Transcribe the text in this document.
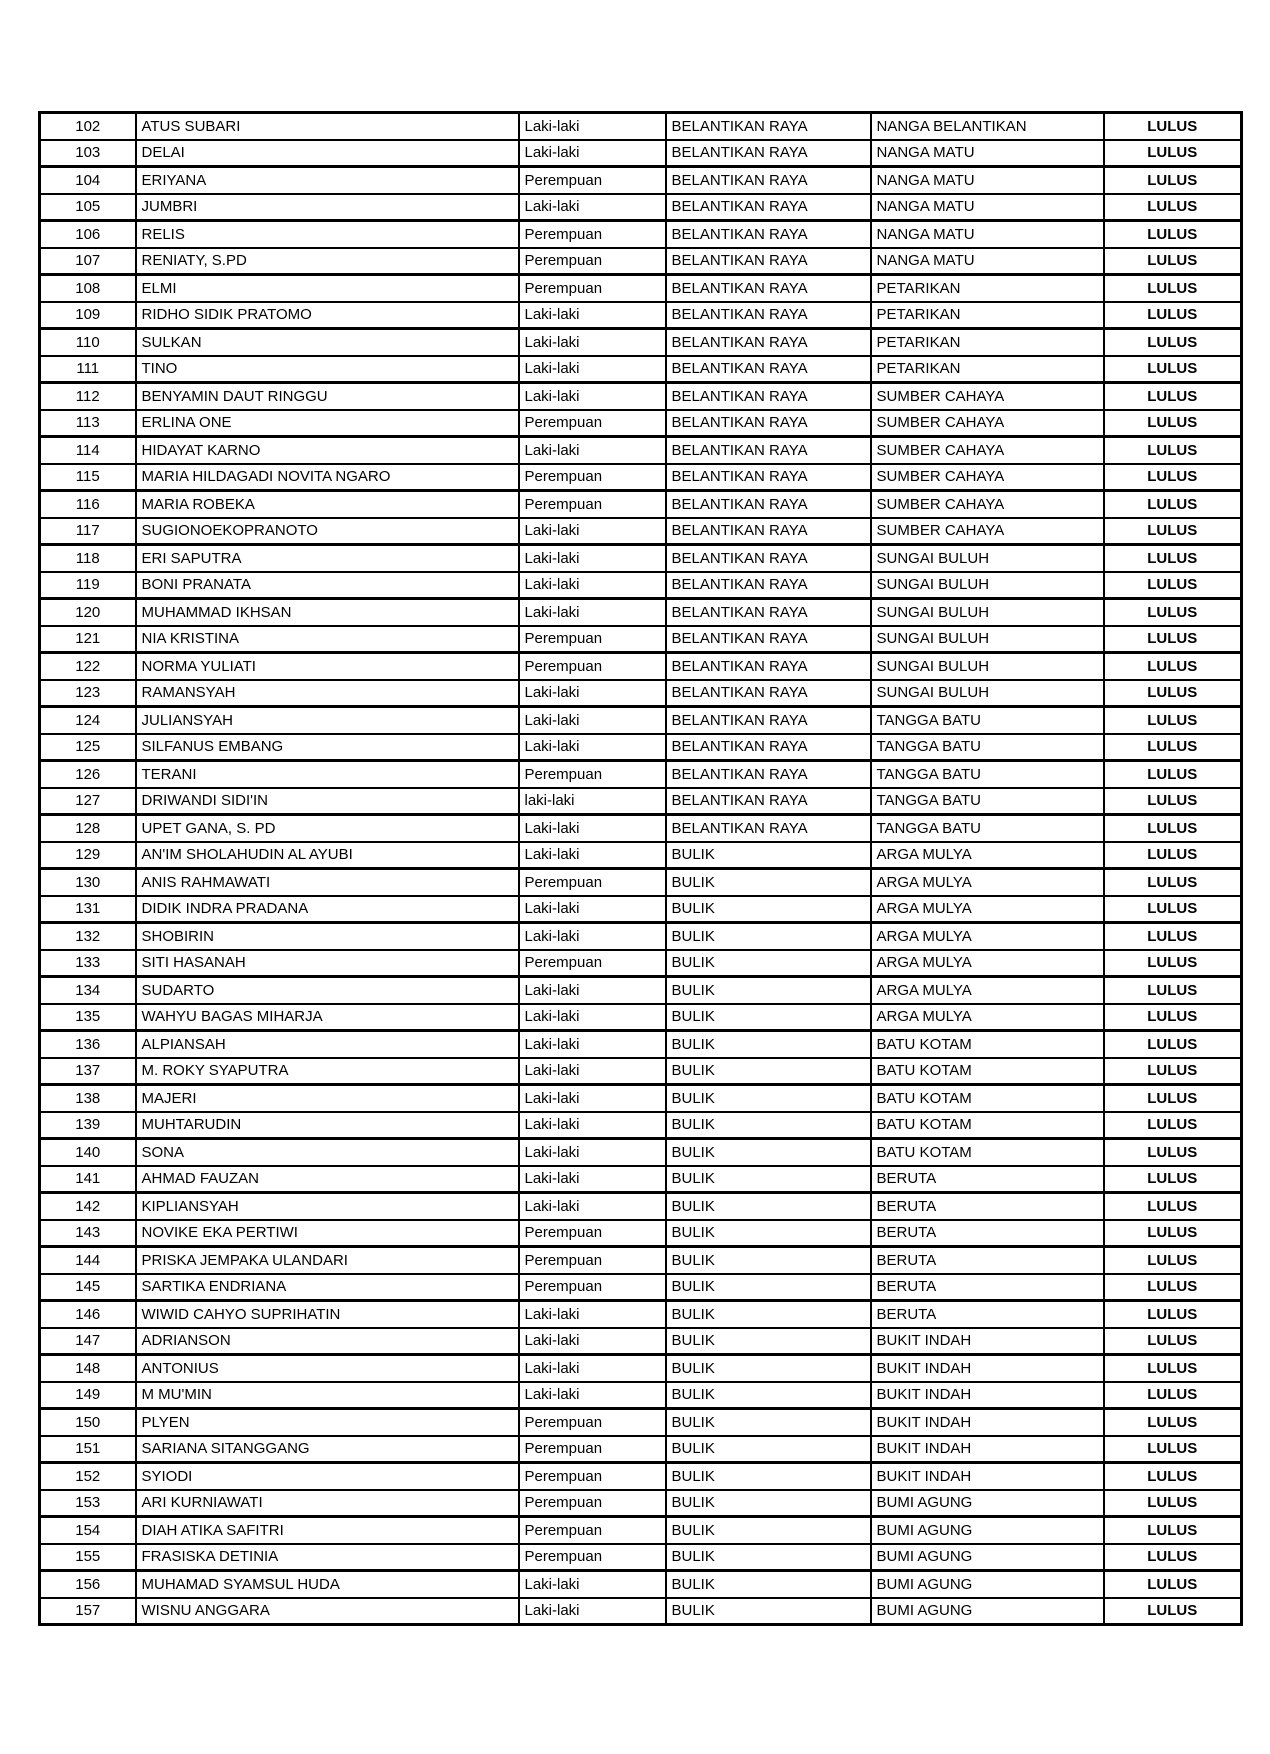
102	ATUS SUBARI	Laki-laki	BELANTIKAN RAYA	NANGA BELANTIKAN	LULUS
103	DELAI	Laki-laki	BELANTIKAN RAYA	NANGA MATU	LULUS
104	ERIYANA	Perempuan	BELANTIKAN RAYA	NANGA MATU	LULUS
105	JUMBRI	Laki-laki	BELANTIKAN RAYA	NANGA MATU	LULUS
106	RELIS	Perempuan	BELANTIKAN RAYA	NANGA MATU	LULUS
107	RENIATY, S.PD	Perempuan	BELANTIKAN RAYA	NANGA MATU	LULUS
108	ELMI	Perempuan	BELANTIKAN RAYA	PETARIKAN	LULUS
109	RIDHO SIDIK PRATOMO	Laki-laki	BELANTIKAN RAYA	PETARIKAN	LULUS
110	SULKAN	Laki-laki	BELANTIKAN RAYA	PETARIKAN	LULUS
111	TINO	Laki-laki	BELANTIKAN RAYA	PETARIKAN	LULUS
112	BENYAMIN DAUT RINGGU	Laki-laki	BELANTIKAN RAYA	SUMBER CAHAYA	LULUS
113	ERLINA ONE	Perempuan	BELANTIKAN RAYA	SUMBER CAHAYA	LULUS
114	HIDAYAT KARNO	Laki-laki	BELANTIKAN RAYA	SUMBER CAHAYA	LULUS
115	MARIA HILDAGADI NOVITA NGARO	Perempuan	BELANTIKAN RAYA	SUMBER CAHAYA	LULUS
116	MARIA ROBEKA	Perempuan	BELANTIKAN RAYA	SUMBER CAHAYA	LULUS
117	SUGIONOEKOPRANOTO	Laki-laki	BELANTIKAN RAYA	SUMBER CAHAYA	LULUS
118	ERI SAPUTRA	Laki-laki	BELANTIKAN RAYA	SUNGAI BULUH	LULUS
119	BONI PRANATA	Laki-laki	BELANTIKAN RAYA	SUNGAI BULUH	LULUS
120	MUHAMMAD IKHSAN	Laki-laki	BELANTIKAN RAYA	SUNGAI BULUH	LULUS
121	NIA KRISTINA	Perempuan	BELANTIKAN RAYA	SUNGAI BULUH	LULUS
122	NORMA YULIATI	Perempuan	BELANTIKAN RAYA	SUNGAI BULUH	LULUS
123	RAMANSYAH	Laki-laki	BELANTIKAN RAYA	SUNGAI BULUH	LULUS
124	JULIANSYAH	Laki-laki	BELANTIKAN RAYA	TANGGA BATU	LULUS
125	SILFANUS EMBANG	Laki-laki	BELANTIKAN RAYA	TANGGA BATU	LULUS
126	TERANI	Perempuan	BELANTIKAN RAYA	TANGGA BATU	LULUS
127	DRIWANDI SIDI'IN	laki-laki	BELANTIKAN RAYA	TANGGA BATU	LULUS
128	UPET GANA, S. PD	Laki-laki	BELANTIKAN RAYA	TANGGA BATU	LULUS
129	AN'IM SHOLAHUDIN AL AYUBI	Laki-laki	BULIK	ARGA MULYA	LULUS
130	ANIS RAHMAWATI	Perempuan	BULIK	ARGA MULYA	LULUS
131	DIDIK INDRA PRADANA	Laki-laki	BULIK	ARGA MULYA	LULUS
132	SHOBIRIN	Laki-laki	BULIK	ARGA MULYA	LULUS
133	SITI HASANAH	Perempuan	BULIK	ARGA MULYA	LULUS
134	SUDARTO	Laki-laki	BULIK	ARGA MULYA	LULUS
135	WAHYU BAGAS MIHARJA	Laki-laki	BULIK	ARGA MULYA	LULUS
136	ALPIANSAH	Laki-laki	BULIK	BATU KOTAM	LULUS
137	M. ROKY SYAPUTRA	Laki-laki	BULIK	BATU KOTAM	LULUS
138	MAJERI	Laki-laki	BULIK	BATU KOTAM	LULUS
139	MUHTARUDIN	Laki-laki	BULIK	BATU KOTAM	LULUS
140	SONA	Laki-laki	BULIK	BATU KOTAM	LULUS
141	AHMAD FAUZAN	Laki-laki	BULIK	BERUTA	LULUS
142	KIPLIANSYAH	Laki-laki	BULIK	BERUTA	LULUS
143	NOVIKE EKA PERTIWI	Perempuan	BULIK	BERUTA	LULUS
144	PRISKA JEMPAKA ULANDARI	Perempuan	BULIK	BERUTA	LULUS
145	SARTIKA ENDRIANA	Perempuan	BULIK	BERUTA	LULUS
146	WIWID CAHYO SUPRIHATIN	Laki-laki	BULIK	BERUTA	LULUS
147	ADRIANSON	Laki-laki	BULIK	BUKIT INDAH	LULUS
148	ANTONIUS	Laki-laki	BULIK	BUKIT INDAH	LULUS
149	M MU'MIN	Laki-laki	BULIK	BUKIT INDAH	LULUS
150	PLYEN	Perempuan	BULIK	BUKIT INDAH	LULUS
151	SARIANA SITANGGANG	Perempuan	BULIK	BUKIT INDAH	LULUS
152	SYIODI	Perempuan	BULIK	BUKIT INDAH	LULUS
153	ARI KURNIAWATI	Perempuan	BULIK	BUMI AGUNG	LULUS
154	DIAH ATIKA SAFITRI	Perempuan	BULIK	BUMI AGUNG	LULUS
155	FRASISKA DETINIA	Perempuan	BULIK	BUMI AGUNG	LULUS
156	MUHAMAD SYAMSUL HUDA	Laki-laki	BULIK	BUMI AGUNG	LULUS
157	WISNU ANGGARA	Laki-laki	BULIK	BUMI AGUNG	LULUS
